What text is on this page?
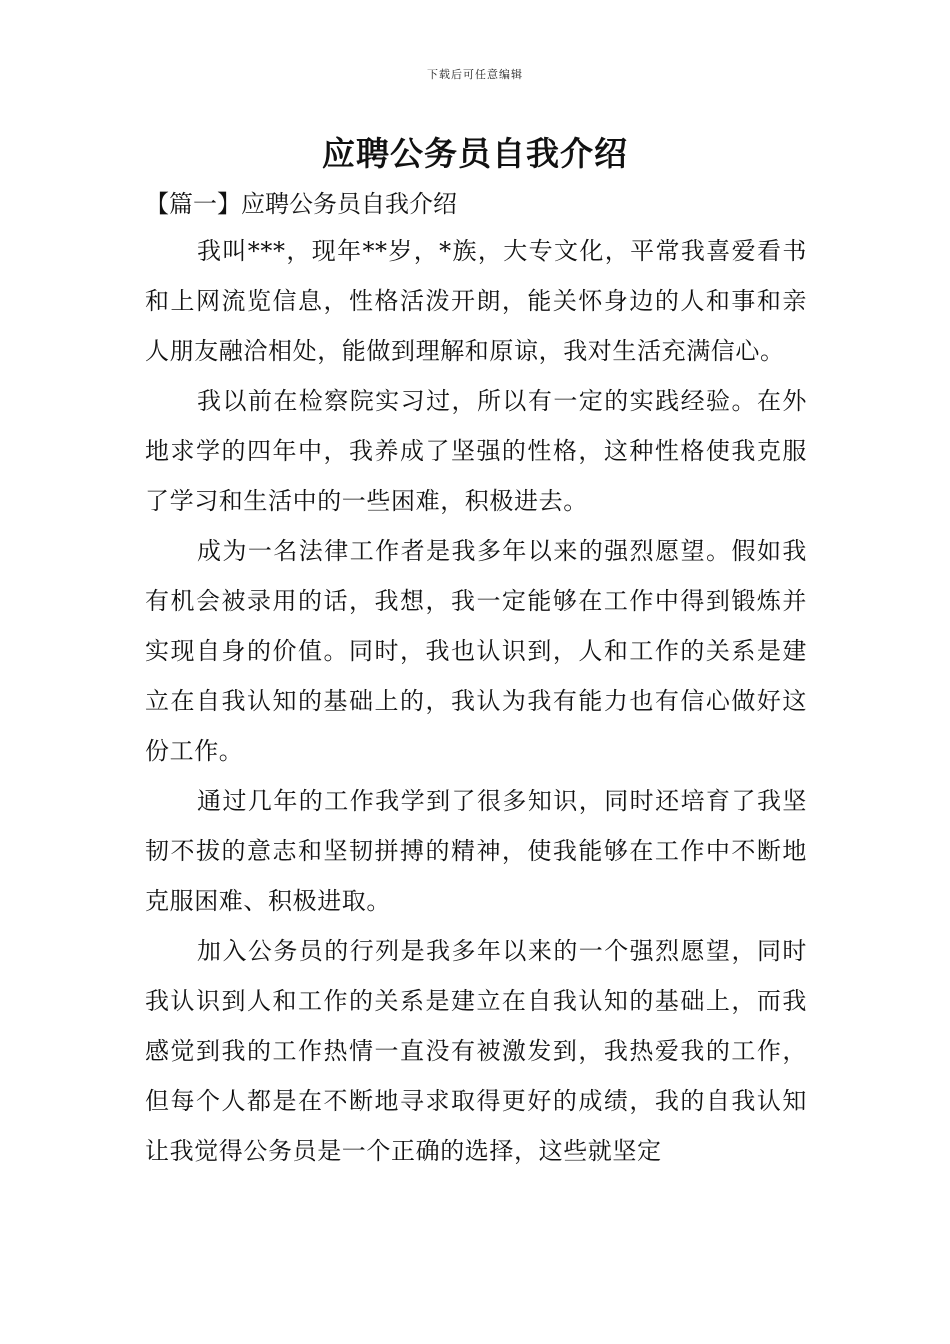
下载后可任意编辑
应聘公务员自我介绍
【篇一】应聘公务员自我介绍

我叫***，现年**岁，*族，大专文化，平常我喜爱看书和上网流览信息，性格活泼开朗，能关怀身边的人和事和亲人朋友融洽相处，能做到理解和原谅，我对生活充满信心。

我以前在检察院实习过，所以有一定的实践经验。在外地求学的四年中，我养成了坚强的性格，这种性格使我克服了学习和生活中的一些困难，积极进去。

成为一名法律工作者是我多年以来的强烈愿望。假如我有机会被录用的话，我想，我一定能够在工作中得到锻炼并实现自身的价值。同时，我也认识到，人和工作的关系是建立在自我认知的基础上的，我认为我有能力也有信心做好这份工作。

通过几年的工作我学到了很多知识，同时还培育了我坚韧不拔的意志和坚韧拼搏的精神，使我能够在工作中不断地克服困难、积极进取。

加入公务员的行列是我多年以来的一个强烈愿望，同时我认识到人和工作的关系是建立在自我认知的基础上，而我感觉到我的工作热情一直没有被激发到，我热爱我的工作，但每个人都是在不断地寻求取得更好的成绩，我的自我认知让我觉得公务员是一个正确的选择，这些就坚定
